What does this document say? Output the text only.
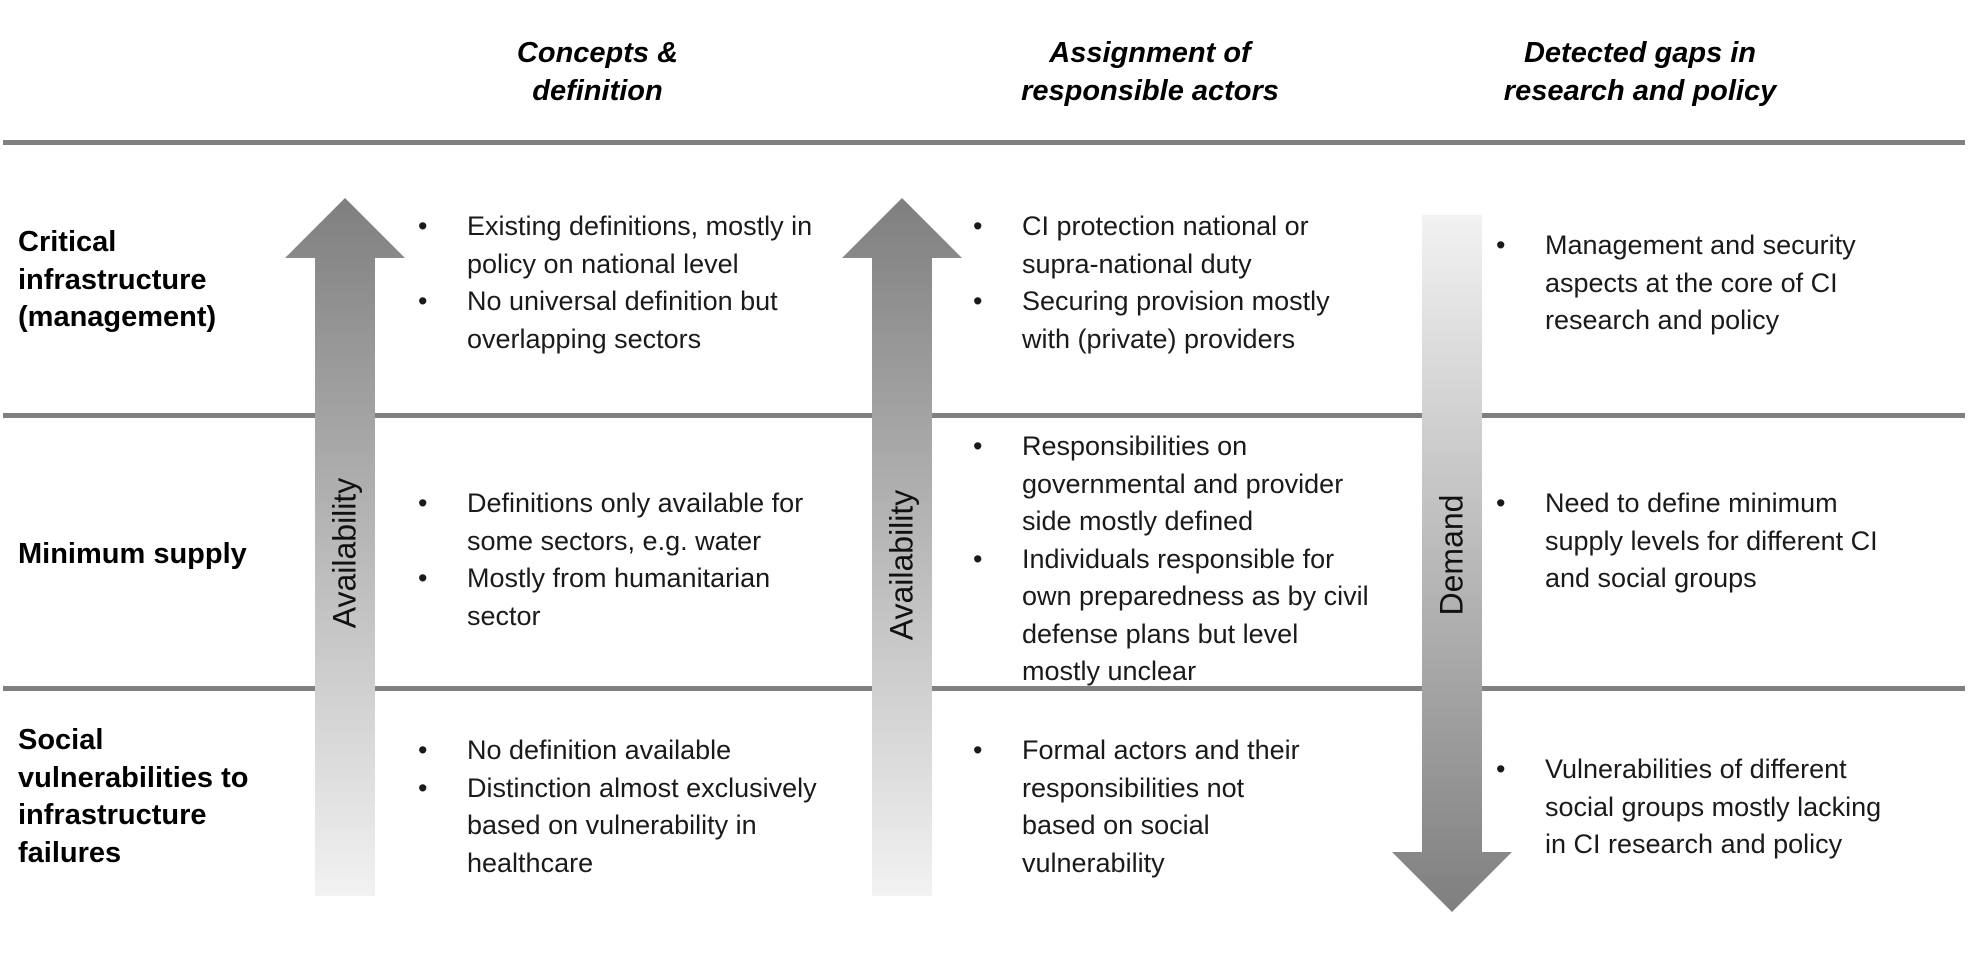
Concepts &
definition
Assignment of
responsible actors
Detected gaps in
research and policy
Availability	Availability	Demand
Critical
infrastructure
(management)
Minimum supply
Social
vulnerabilities to
infrastructure
failures
• Existing definitions, mostly in
policy on national level
• No universal definition but
overlapping sectors
• Definitions only available for
some sectors, e.g. water
• Mostly from humanitarian
sector
• No definition available
• Distinction almost exclusively
based on vulnerability in
healthcare
• CI protection national or
supra-national duty
• Securing provision mostly
with (private) providers
• Responsibilities on
governmental and provider
side mostly defined
• Individuals responsible for
own preparedness as by civil
defense plans but level
mostly unclear
• Formal actors and their
responsibilities not
based on social
vulnerability
• Management and security
aspects at the core of CI
research and policy
• Need to define minimum
supply levels for different CI
and social groups
• Vulnerabilities of different
social groups mostly lacking
in CI research and policy
